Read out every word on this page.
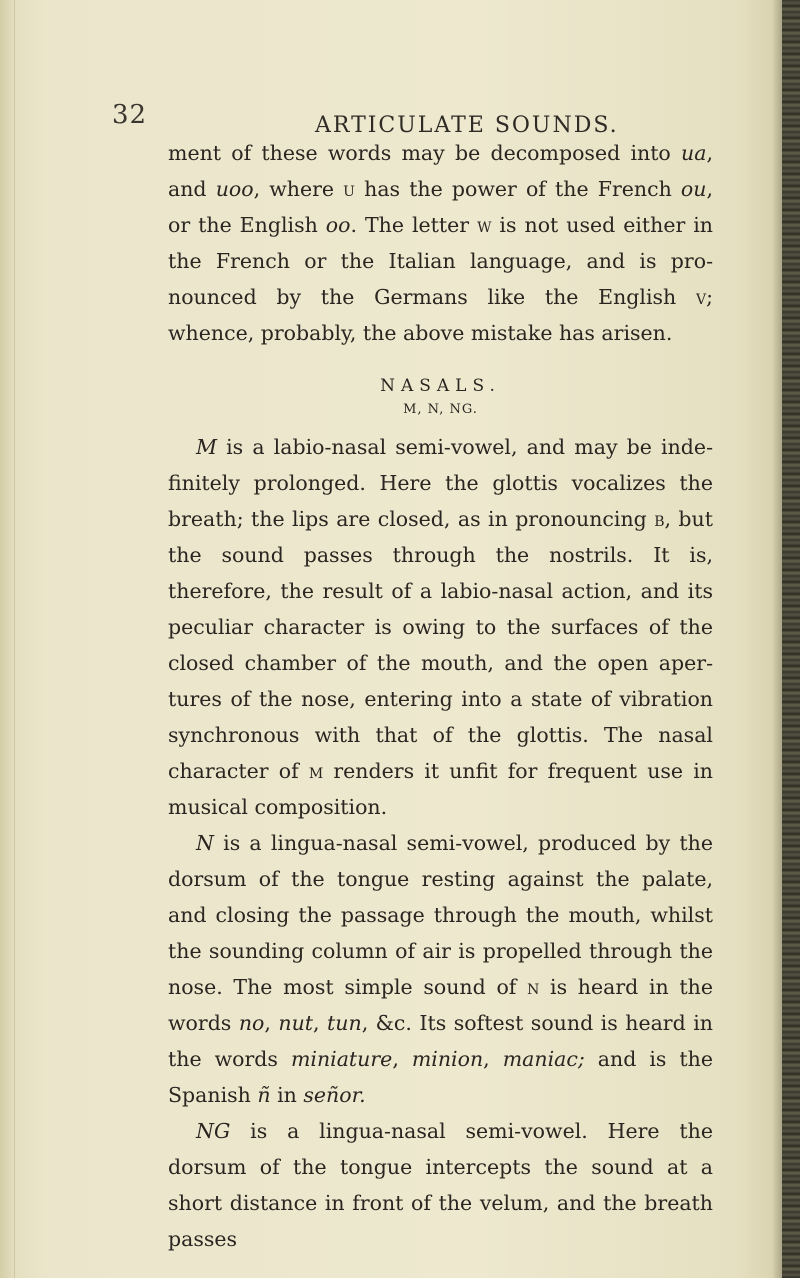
32	ARTICULATE SOUNDS.

ment of these words may be decomposed into ua, and uoo, where u has the power of the French ou, or the English oo. The letter w is not used either in the French or the Italian language, and is pronounced by the Germans like the English v; whence, probably, the above mistake has arisen.

NASALS.
M, N, NG.

M is a labio-nasal semi-vowel, and may be indefinitely prolonged. Here the glottis vocalizes the breath; the lips are closed, as in pronouncing b, but the sound passes through the nostrils. It is, therefore, the result of a labio-nasal action, and its peculiar character is owing to the surfaces of the closed chamber of the mouth, and the open apertures of the nose, entering into a state of vibration synchronous with that of the glottis. The nasal character of m renders it unfit for frequent use in musical composition.

N is a lingua-nasal semi-vowel, produced by the dorsum of the tongue resting against the palate, and closing the passage through the mouth, whilst the sounding column of air is propelled through the nose. The most simple sound of n is heard in the words no, nut, tun, &c. Its softest sound is heard in the words miniature, minion, maniac; and is the Spanish ñ in señor.

NG is a lingua-nasal semi-vowel. Here the dorsum of the tongue intercepts the sound at a short distance in front of the velum, and the breath passes
